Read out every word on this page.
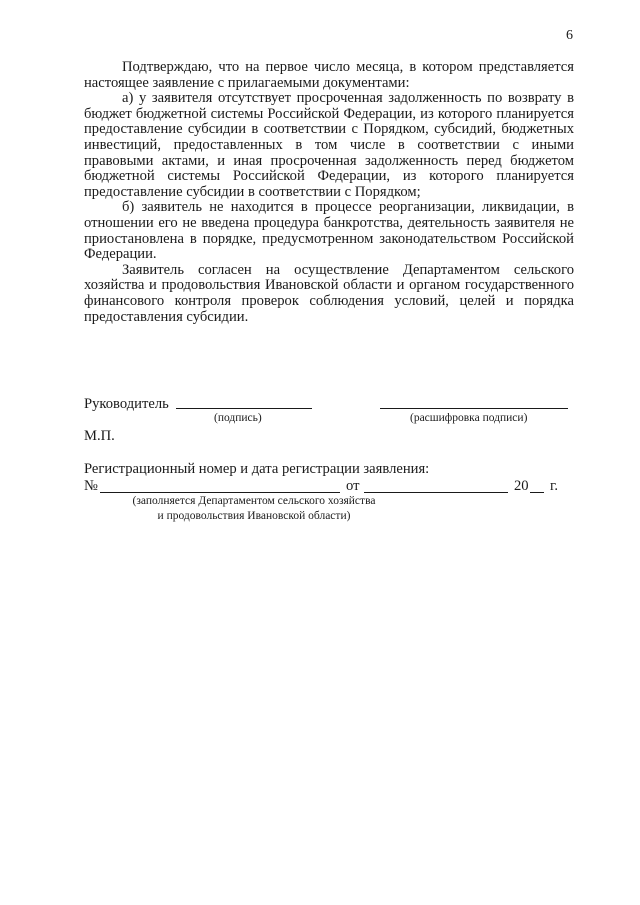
6

Подтверждаю, что на первое число месяца, в котором представляется настоящее заявление с прилагаемыми документами:

а) у заявителя отсутствует просроченная задолженность по возврату в бюджет бюджетной системы Российской Федерации, из которого планируется предоставление субсидии в соответствии с Порядком, субсидий, бюджетных инвестиций, предоставленных в том числе в соответствии с иными правовыми актами, и иная просроченная задолженность перед бюджетом бюджетной системы Российской Федерации, из которого планируется предоставление субсидии в соответствии с Порядком;

б) заявитель не находится в процессе реорганизации, ликвидации, в отношении его не введена процедура банкротства, деятельность заявителя не приостановлена в порядке, предусмотренном законодательством Российской Федерации.

Заявитель согласен на осуществление Департаментом сельского хозяйства и продовольствия Ивановской области и органом государственного финансового контроля проверок соблюдения условий, целей и порядка предоставления субсидии.

Руководитель
(подпись)	(расшифровка подписи)
М.П.
Регистрационный номер и дата регистрации заявления:
№	от	20 г.
(заполняется Департаментом сельского хозяйства
и продовольствия Ивановской области)
